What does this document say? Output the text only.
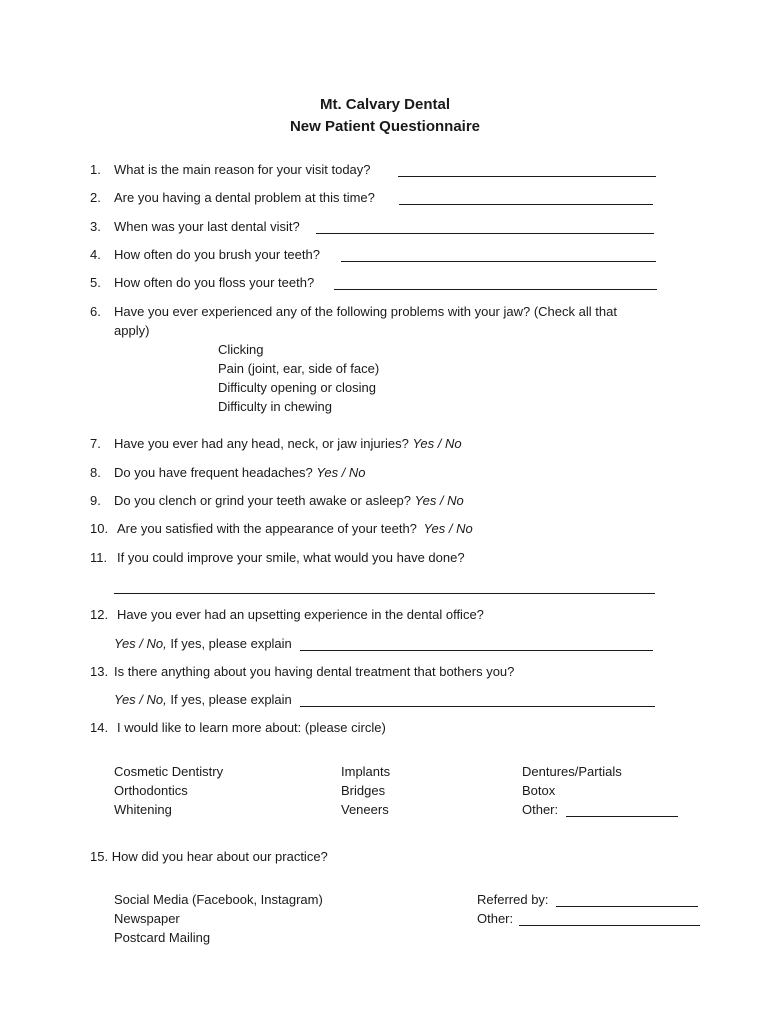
Mt. Calvary Dental
New Patient Questionnaire
1. What is the main reason for your visit today?
2. Are you having a dental problem at this time?
3. When was your last dental visit?
4. How often do you brush your teeth?
5. How often do you floss your teeth?
6. Have you ever experienced any of the following problems with your jaw? (Check all that
apply)
Clicking
Pain (joint, ear, side of face)
Difficulty opening or closing
Difficulty in chewing
7. Have you ever had any head, neck, or jaw injuries? Yes / No
8. Do you have frequent headaches? Yes / No
9. Do you clench or grind your teeth awake or asleep? Yes / No
10. Are you satisfied with the appearance of your teeth? Yes / No
11. If you could improve your smile, what would you have done?
12. Have you ever had an upsetting experience in the dental office?
Yes / No, If yes, please explain
13. Is there anything about you having dental treatment that bothers you?
Yes / No, If yes, please explain
14. I would like to learn more about: (please circle)
Cosmetic Dentistry
Orthodontics
Whitening
Implants
Bridges
Veneers
Dentures/Partials
Botox
Other:
15. How did you hear about our practice?
Social Media (Facebook, Instagram)
Newspaper
Postcard Mailing
Referred by:
Other:
